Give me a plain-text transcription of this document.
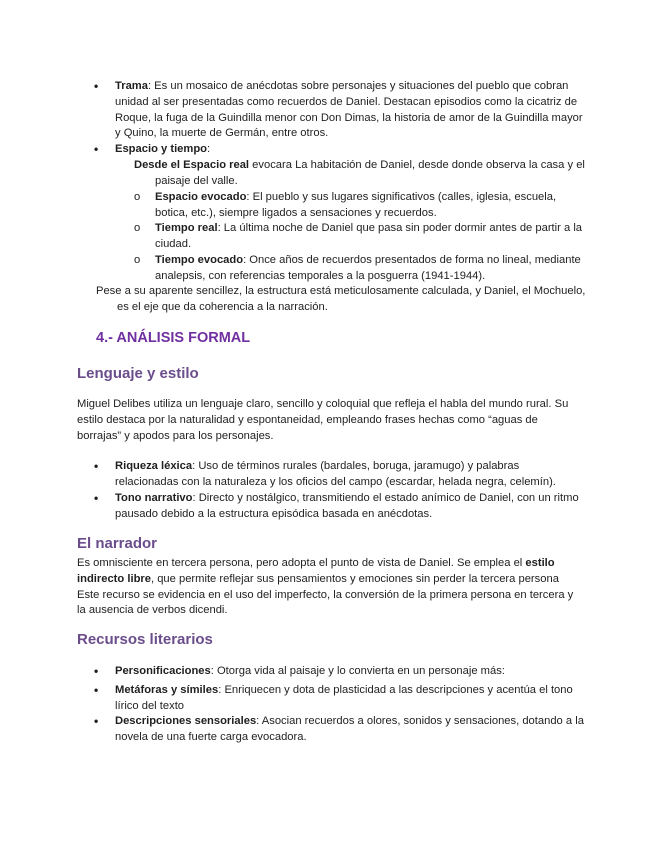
• Trama: Es un mosaico de anécdotas sobre personajes y situaciones del pueblo que cobran unidad al ser presentadas como recuerdos de Daniel. Destacan episodios como la cicatriz de Roque, la fuga de la Guindilla menor con Don Dimas, la historia de amor de la Guindilla mayor y Quino, la muerte de Germán, entre otros.
• Espacio y tiempo:
Desde el Espacio real evocara La habitación de Daniel, desde donde observa la casa y el paisaje del valle.
o Espacio evocado: El pueblo y sus lugares significativos (calles, iglesia, escuela, botica, etc.), siempre ligados a sensaciones y recuerdos.
o Tiempo real: La última noche de Daniel que pasa sin poder dormir antes de partir a la ciudad.
o Tiempo evocado: Once años de recuerdos presentados de forma no lineal, mediante analepsis, con referencias temporales a la posguerra (1941-1944).
Pese a su aparente sencillez, la estructura está meticulosamente calculada, y Daniel, el Mochuelo, es el eje que da coherencia a la narración.
4.- ANÁLISIS FORMAL
Lenguaje y estilo
Miguel Delibes utiliza un lenguaje claro, sencillo y coloquial que refleja el habla del mundo rural. Su estilo destaca por la naturalidad y espontaneidad, empleando frases hechas como “aguas de borrajas” y apodos para los personajes.
• Riqueza léxica: Uso de términos rurales (bardales, boruga, jaramugo) y palabras relacionadas con la naturaleza y los oficios del campo (escardar, helada negra, celemín).
• Tono narrativo: Directo y nostálgico, transmitiendo el estado anímico de Daniel, con un ritmo pausado debido a la estructura episódica basada en anécdotas.
El narrador
Es omnisciente en tercera persona, pero adopta el punto de vista de Daniel. Se emplea el estilo indirecto libre, que permite reflejar sus pensamientos y emociones sin perder la tercera persona Este recurso se evidencia en el uso del imperfecto, la conversión de la primera persona en tercera y la ausencia de verbos dicendi.
Recursos literarios
• Personificaciones: Otorga vida al paisaje y lo convierta en un personaje más:
• Metáforas y símiles: Enriquecen y dota de plasticidad a las descripciones y acentúa el tono lírico del texto
• Descripciones sensoriales: Asocian recuerdos a olores, sonidos y sensaciones, dotando a la novela de una fuerte carga evocadora.
